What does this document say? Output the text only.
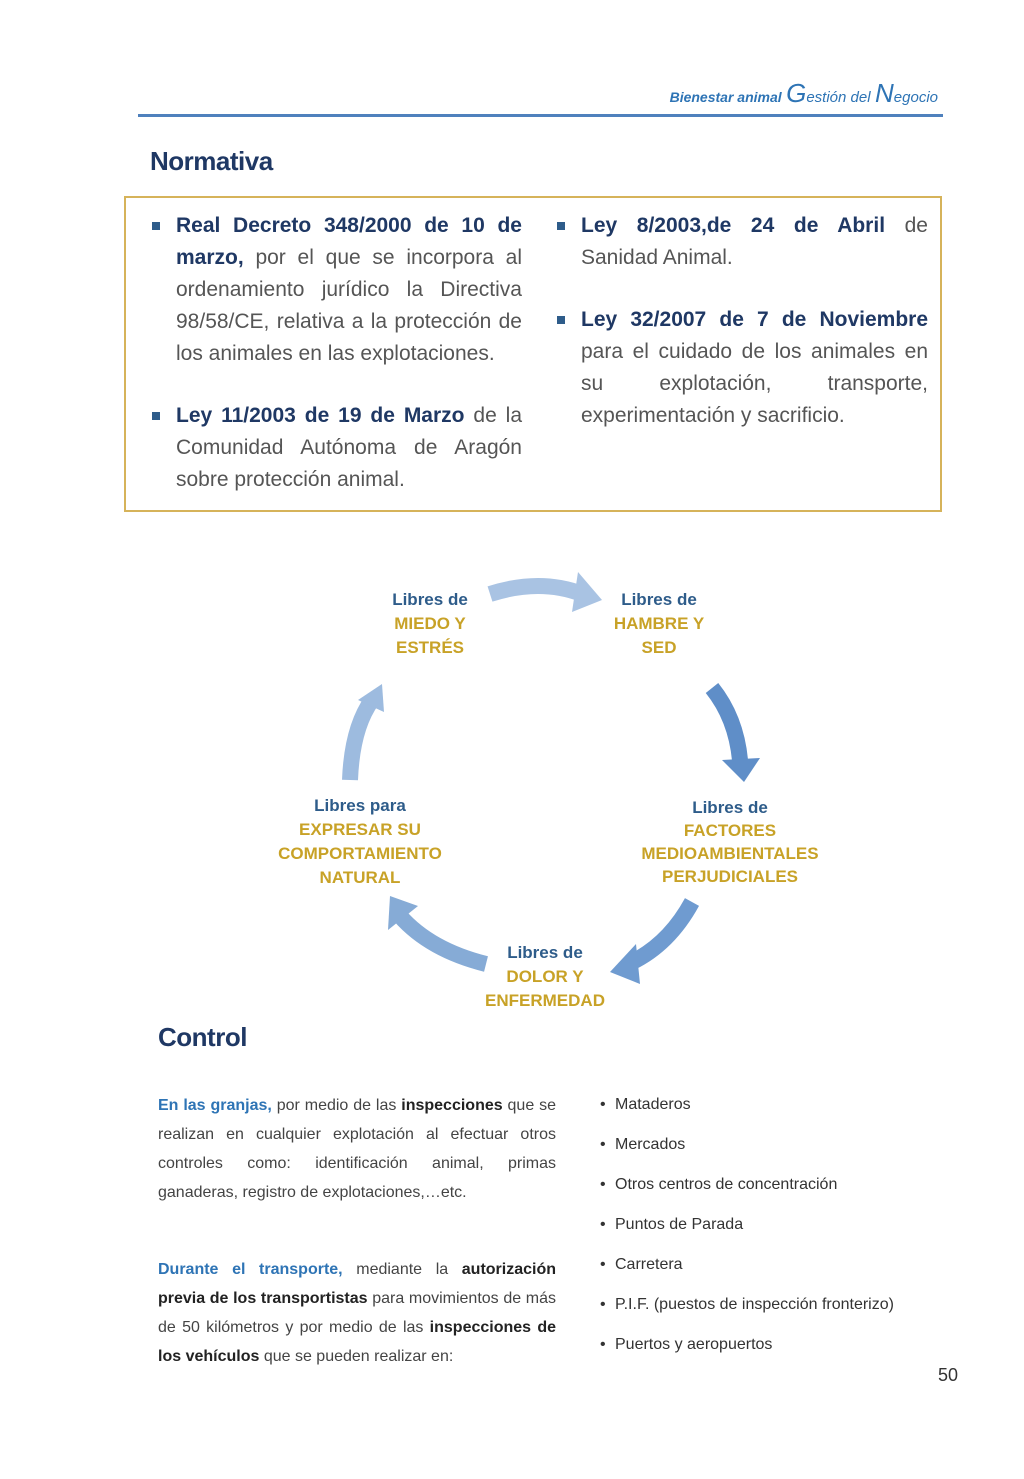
Bienestar animal Gestión del Negocio
Normativa
Real Decreto 348/2000 de 10 de marzo, por el que se incorpora al ordenamiento jurídico la Directiva 98/58/CE, relativa a la protección de los animales en las explotaciones.
Ley 11/2003 de 19 de Marzo de la Comunidad Autónoma de Aragón sobre protección animal.
Ley 8/2003,de 24 de Abril de Sanidad Animal.
Ley 32/2007 de 7 de Noviembre para el cuidado de los animales en su explotación, transporte, experimentación y sacrificio.
Libres de
MIEDO Y
ESTRÉS
Libres de
HAMBRE Y
SED
Libres de
FACTORES
MEDIOAMBIENTALES
PERJUDICIALES
Libres de
DOLOR Y
ENFERMEDAD
Libres para
EXPRESAR SU
COMPORTAMIENTO
NATURAL
Control
En las granjas, por medio de las inspecciones que se realizan en cualquier explotación al efectuar otros controles como: identificación animal, primas ganaderas, registro de explotaciones,…etc.
Durante el transporte, mediante la autorización previa de los transportistas para movimientos de más de 50 kilómetros y por medio de las inspecciones de los vehículos que se pueden realizar en:
• Mataderos
• Mercados
• Otros centros de concentración
• Puntos de Parada
• Carretera
• P.I.F. (puestos de inspección fronterizo)
• Puertos y aeropuertos
50
